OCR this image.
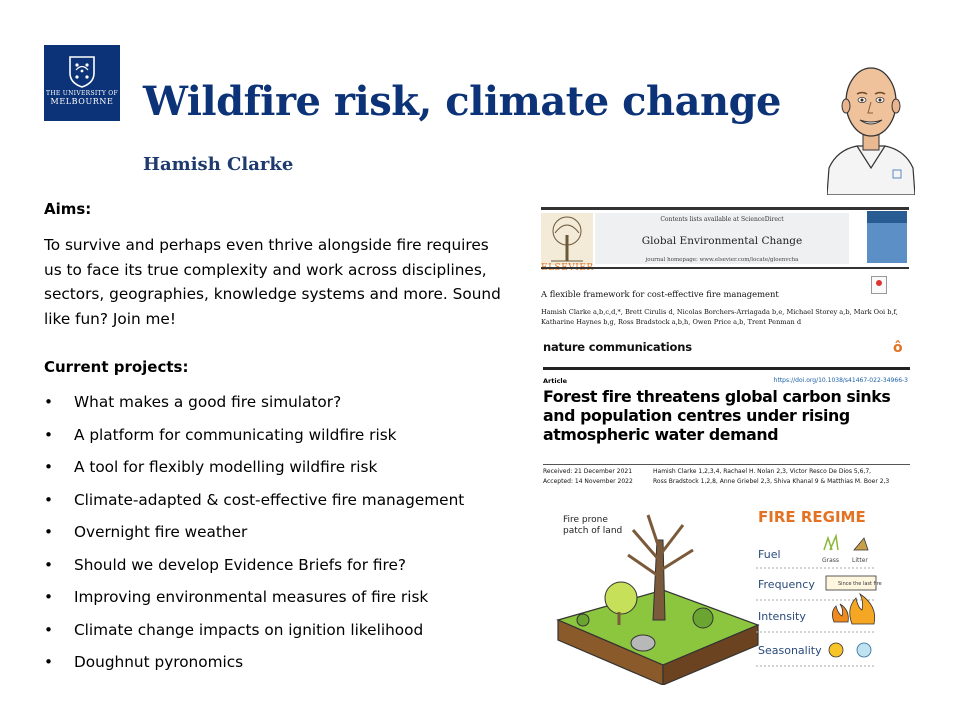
THE UNIVERSITY OF
MELBOURNE Wildfire risk, climate change
Hamish Clarke
Aims:
To survive and perhaps even thrive alongside fire requires us to face its true complexity and work across disciplines, sectors, geographies, knowledge systems and more. Sound like fun? Join me!
Current projects:
•	What makes a good fire simulator?
•	A platform for communicating wildfire risk
•	A tool for flexibly modelling wildfire risk
•	Climate-adapted & cost-effective fire management
•	Overnight fire weather
•	Should we develop Evidence Briefs for fire?
•	Improving environmental measures of fire risk
•	Climate change impacts on ignition likelihood
•	Doughnut pyronomics
Contents lists available at ScienceDirect
Global Environmental Change
journal homepage: www.elsevier.com/locate/gloenvcha
A flexible framework for cost-effective fire management
Hamish Clarke a,b,c,d,*, Brett Cirulis d, Nicolas Borchers-Arriagada b,e, Michael Storey a,b, Mark Ooi b,f, Katharine Haynes b,g, Ross Bradstock a,b,h, Owen Price a,b, Trent Penman d
nature communications	ô
Article	https://doi.org/10.1038/s41467-022-34966-3
Forest fire threatens global carbon sinks and population centres under rising atmospheric water demand
Received: 21 December 2021
Accepted: 14 November 2022
Hamish Clarke 1,2,3,4, Rachael H. Nolan 2,3, Victor Resco De Dios 5,6,7,
Ross Bradstock 1,2,8, Anne Griebel 2,3, Shiva Khanal 9 & Matthias M. Boer 2,3
Fire prone
patch of land
FIRE REGIME
Fuel	Grass Litter
Frequency	Since the last fire
Intensity
Seasonality
